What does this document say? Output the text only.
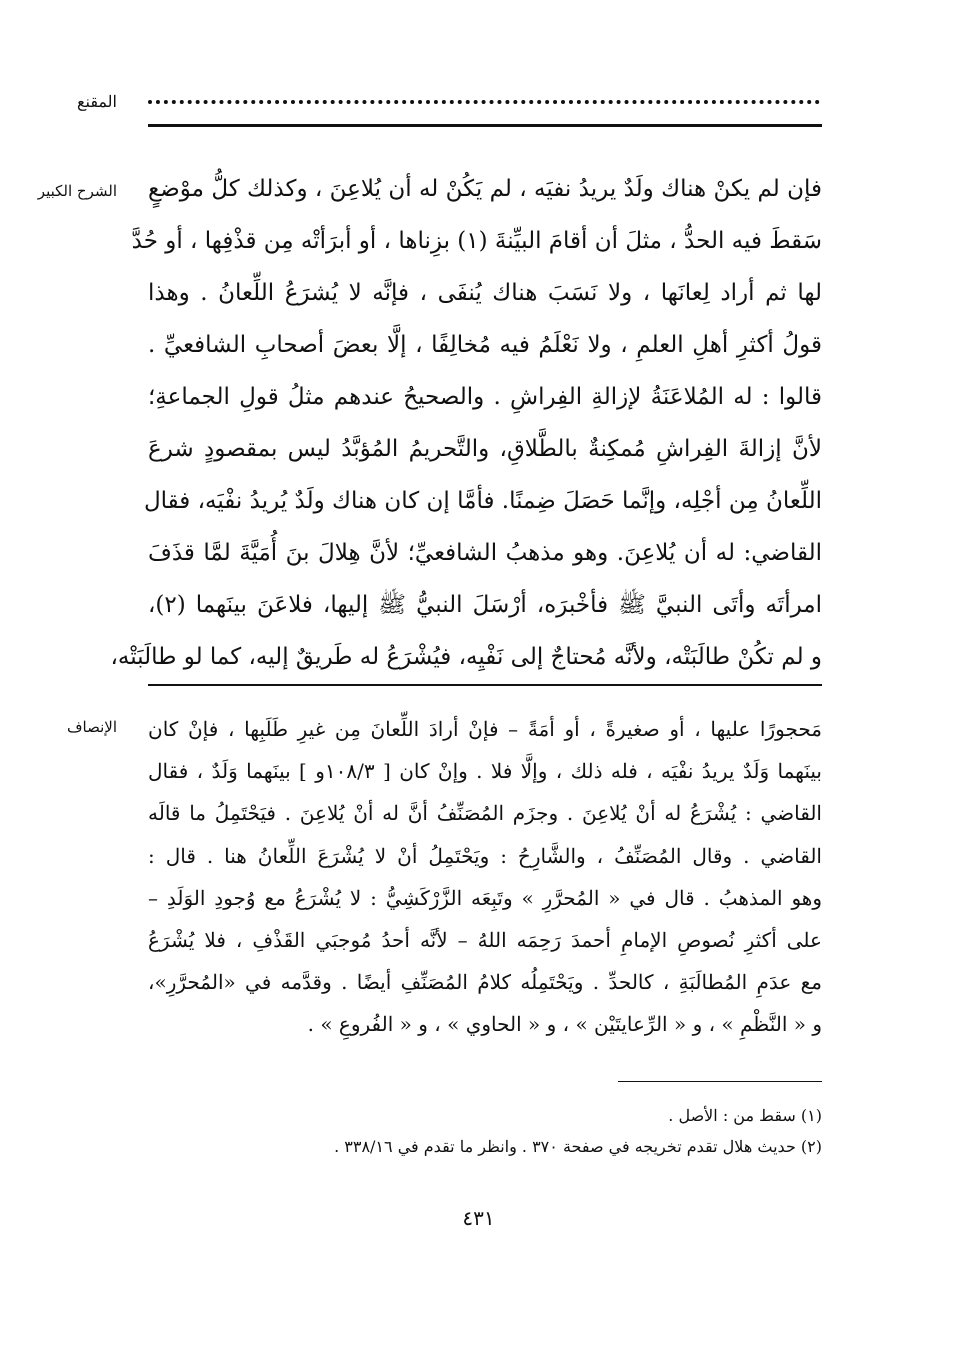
المقنع
الشرح الكبير فإن لم يكنْ هناك ولَدٌ يريدُ نفيَه ، لم يَكُنْ له أن يُلاعِنَ ، وكذلك كلُّ موْضعٍ

سَقطَ فيه الحدُّ ، مثلَ أن أقامَ البيِّنةَ (١) بزِناها ، أو أبرَأتْه مِن قذْفِها ، أو حُدَّ

لها ثم أراد لِعانَها ، ولا نَسَبَ هناك يُنفَى ، فإنَّه لا يُشرَعُ اللِّعانُ . وهذا

قولُ أكثرِ أهلِ العلمِ ، ولا نَعْلَمُ فيه مُخالِفًا ، إلَّا بعضَ أصحابِ الشافعيِّ .

قالوا : له المُلاعَنَةُ لإزالةِ الفِراشِ . والصحيحُ عندهم مثلُ قولِ الجماعةِ؛

لأنَّ إزالةَ الفِراشِ مُمكِنةٌ بالطَّلاقِ، والتَّحريمُ المُؤبَّدُ ليس بمقصودٍ شرعَ

اللِّعانُ مِن أجْلِه، وإنَّما حَصَلَ ضِمنًا. فأمَّا إن كان هناك ولَدٌ يُريدُ نفْيَه، فقال

القاضي: له أن يُلاعِنَ. وهو مذهبُ الشافعيِّ؛ لأنَّ هِلالَ بنَ أُمَيَّةَ لمَّا قذَفَ

امرأتَه وأتَى النبيَّ ﷺ فأخْبرَه، أرْسَلَ النبيُّ ﷺ إليها، فلاعَنَ بينَهما (٢)،

و لم تكُنْ طالَبَتْه، ولأنَّه مُحتاجٌ إلى نَفْيِه، فيُشْرَعُ له طَريقٌ إليه، كما لو طالَبَتْه،

الإنصاف مَحجورًا عليها ، أو صغيرةً ، أو أمَةً – فإنْ أرادَ اللِّعانَ مِن غيرِ طَلَبِها ، فإنْ كان

بينَهما وَلَدٌ يريدُ نفْيَه ، فله ذلك ، وإلَّا فلا . وإنْ كان [ ١٠٨/٣و ] بينَهما وَلَدٌ ، فقال

القاضي : يُشْرَعُ له أنْ يُلاعِنَ . وجزَم المُصَنِّفُ أنَّ له أنْ يُلاعِنَ . فيَحْتَمِلُ ما قالَه

القاضي . وقال المُصَنِّفُ ، والشَّارِحُ : ويَحْتَمِلُ أنْ لا يُشْرَعَ اللِّعانُ هنا . قال :

وهو المذهبُ . قال في « المُحرَّرِ » وتَبِعَه الزَّرْكَشِيُّ : لا يُشْرَعُ مع وُجودِ الوَلَدِ –

على أكثرِ نُصوصِ الإمامِ أحمدَ رَحِمَه اللهُ – لأنَّه أحدُ مُوجبَي القَذْفِ ، فلا يُشْرَعُ

مع عدَمِ المُطالَبَةِ ، كالحدِّ . ويَحْتَمِلُه كلامُ المُصَنِّفِ أيضًا . وقدَّمه في «المُحرَّرِ»،

و « النَّظْمِ » ، و « الرِّعايتَيْن » ، و « الحاوي » ، و « الفُروعِ » .

(١) سقط من : الأصل .

(٢) حديث هلال تقدم تخريجه في صفحة ٣٧٠ . وانظر ما تقدم في ٣٣٨/١٦ .

٤٣١
